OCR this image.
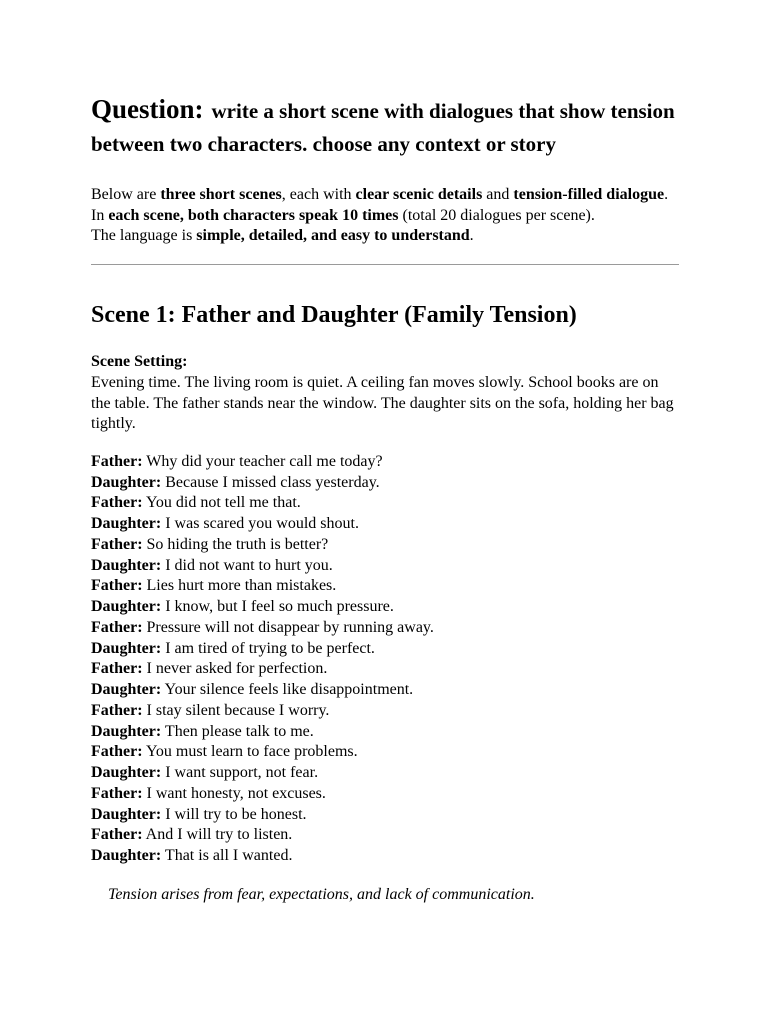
Question: write a short scene with dialogues that show tension between two characters. choose any context or story
Below are three short scenes, each with clear scenic details and tension-filled dialogue.
In each scene, both characters speak 10 times (total 20 dialogues per scene).
The language is simple, detailed, and easy to understand.
Scene 1: Father and Daughter (Family Tension)
Scene Setting:
Evening time. The living room is quiet. A ceiling fan moves slowly. School books are on the table. The father stands near the window. The daughter sits on the sofa, holding her bag tightly.
Father: Why did your teacher call me today?
Daughter: Because I missed class yesterday.
Father: You did not tell me that.
Daughter: I was scared you would shout.
Father: So hiding the truth is better?
Daughter: I did not want to hurt you.
Father: Lies hurt more than mistakes.
Daughter: I know, but I feel so much pressure.
Father: Pressure will not disappear by running away.
Daughter: I am tired of trying to be perfect.
Father: I never asked for perfection.
Daughter: Your silence feels like disappointment.
Father: I stay silent because I worry.
Daughter: Then please talk to me.
Father: You must learn to face problems.
Daughter: I want support, not fear.
Father: I want honesty, not excuses.
Daughter: I will try to be honest.
Father: And I will try to listen.
Daughter: That is all I wanted.
Tension arises from fear, expectations, and lack of communication.
